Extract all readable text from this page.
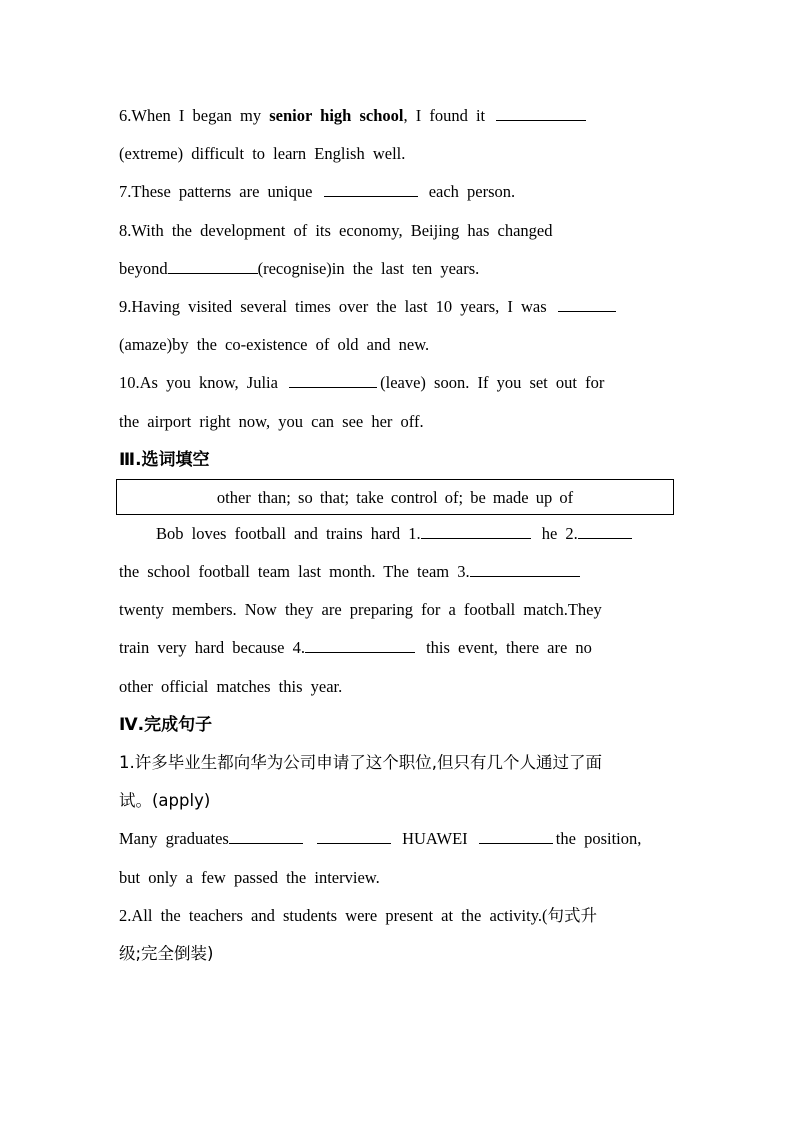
6.When I began my senior high school, I found it
(extreme) difficult to learn English well.
7.These patterns are unique	each person.
8.With the development of its economy, Beijing has changed
beyond	(recognise)in the last ten years.
9.Having visited several times over the last 10 years, I was
(amaze)by the co-existence of old and new.
10.As you know, Julia	(leave) soon. If you set out for
the airport right now, you can see her off.
Ⅲ.选词填空
other than; so that; take control of; be made up of
Bob loves football and trains hard 1.	he 2.
the school football team last month. The team 3.
twenty members. Now they are preparing for a football match.They
train very hard because 4.	this event, there are no
other official matches this year.
Ⅳ.完成句子
1.许多毕业生都向华为公司申请了这个职位,但只有几个人通过了面
试。(apply)
Many graduates	HUAWEI	the position,
but only a few passed the interview.
2.All the teachers and students were present at the activity.(句式升
级;完全倒装)
